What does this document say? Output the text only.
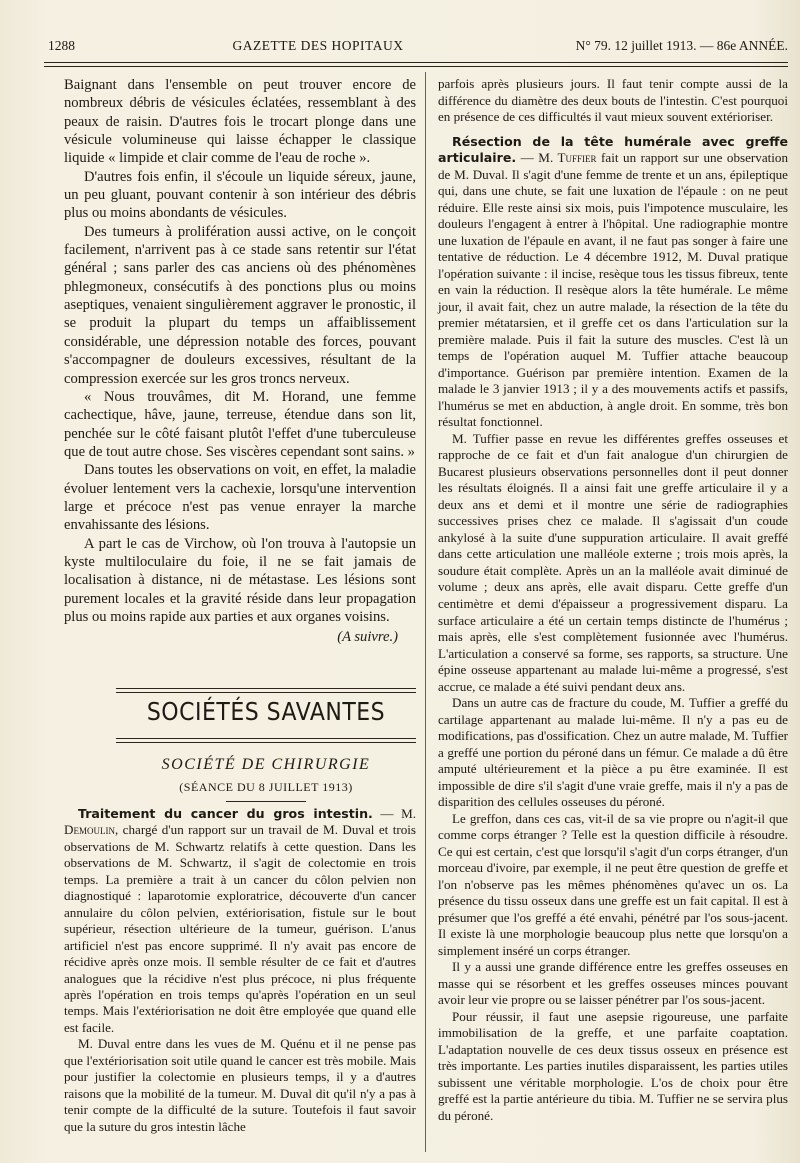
1288	GAZETTE DES HOPITAUX	N° 79. 12 juillet 1913. — 86e ANNÉE.

Baignant dans l'ensemble on peut trouver encore de nombreux débris de vésicules éclatées, ressemblant à des peaux de raisin. D'autres fois le trocart plonge dans une vésicule volumineuse qui laisse échapper le classique liquide « limpide et clair comme de l'eau de roche ».

D'autres fois enfin, il s'écoule un liquide séreux, jaune, un peu gluant, pouvant contenir à son intérieur des débris plus ou moins abondants de vésicules.

Des tumeurs à prolifération aussi active, on le conçoit facilement, n'arrivent pas à ce stade sans retentir sur l'état général ; sans parler des cas anciens où des phénomènes phlegmoneux, consécutifs à des ponctions plus ou moins aseptiques, venaient singulièrement aggraver le pronostic, il se produit la plupart du temps un affaiblissement considérable, une dépression notable des forces, pouvant s'accompagner de douleurs excessives, résultant de la compression exercée sur les gros troncs nerveux.

« Nous trouvâmes, dit M. Horand, une femme cachectique, hâve, jaune, terreuse, étendue dans son lit, penchée sur le côté faisant plutôt l'effet d'une tuberculeuse que de tout autre chose. Ses viscères cependant sont sains. »

Dans toutes les observations on voit, en effet, la maladie évoluer lentement vers la cachexie, lorsqu'une intervention large et précoce n'est pas venue enrayer la marche envahissante des lésions.

A part le cas de Virchow, où l'on trouva à l'autopsie un kyste multiloculaire du foie, il ne se fait jamais de localisation à distance, ni de métastase. Les lésions sont purement locales et la gravité réside dans leur propagation plus ou moins rapide aux parties et aux organes voisins.

(A suivre.)
SOCIÉTÉS SAVANTES
SOCIÉTÉ DE CHIRURGIE
(SÉANCE DU 8 JUILLET 1913)

Traitement du cancer du gros intestin. — M. Demoulin, chargé d'un rapport sur un travail de M. Duval et trois observations de M. Schwartz relatifs à cette question. Dans les observations de M. Schwartz, il s'agit de colectomie en trois temps. La première a trait à un cancer du côlon pelvien non diagnostiqué : laparotomie exploratrice, découverte d'un cancer annulaire du côlon pelvien, extériorisation, fistule sur le bout supérieur, résection ultérieure de la tumeur, guérison. L'anus artificiel n'est pas encore supprimé. Il n'y avait pas encore de récidive après onze mois. Il semble résulter de ce fait et d'autres analogues que la récidive n'est plus précoce, ni plus fréquente après l'opération en trois temps qu'après l'opération en un seul temps. Mais l'extériorisation ne doit être employée que quand elle est facile.

M. Duval entre dans les vues de M. Quénu et il ne pense pas que l'extériorisation soit utile quand le cancer est très mobile. Mais pour justifier la colectomie en plusieurs temps, il y a d'autres raisons que la mobilité de la tumeur. M. Duval dit qu'il n'y a pas à tenir compte de la difficulté de la suture. Toutefois il faut savoir que la suture du gros intestin lâche

parfois après plusieurs jours. Il faut tenir compte aussi de la différence du diamètre des deux bouts de l'intestin. C'est pourquoi en présence de ces difficultés il vaut mieux souvent extérioriser.

Résection de la tête humérale avec greffe articulaire. — M. Tuffier fait un rapport sur une observation de M. Duval. Il s'agit d'une femme de trente et un ans, épileptique qui, dans une chute, se fait une luxation de l'épaule : on ne peut réduire. Elle reste ainsi six mois, puis l'impotence musculaire, les douleurs l'engagent à entrer à l'hôpital. Une radiographie montre une luxation de l'épaule en avant, il ne faut pas songer à faire une tentative de réduction. Le 4 décembre 1912, M. Duval pratique l'opération suivante : il incise, resèque tous les tissus fibreux, tente en vain la réduction. Il resèque alors la tête humérale. Le même jour, il avait fait, chez un autre malade, la résection de la tête du premier métatarsien, et il greffe cet os dans l'articulation sur la première malade. Puis il fait la suture des muscles. C'est là un temps de l'opération auquel M. Tuffier attache beaucoup d'importance. Guérison par première intention. Examen de la malade le 3 janvier 1913 ; il y a des mouvements actifs et passifs, l'humérus se met en abduction, à angle droit. En somme, très bon résultat fonctionnel.

M. Tuffier passe en revue les différentes greffes osseuses et rapproche de ce fait et d'un fait analogue d'un chirurgien de Bucarest plusieurs observations personnelles dont il peut donner les résultats éloignés. Il a ainsi fait une greffe articulaire il y a deux ans et demi et il montre une série de radiographies successives prises chez ce malade. Il s'agissait d'un coude ankylosé à la suite d'une suppuration articulaire. Il avait greffé dans cette articulation une malléole externe ; trois mois après, la soudure était complète. Après un an la malléole avait diminué de volume ; deux ans après, elle avait disparu. Cette greffe d'un centimètre et demi d'épaisseur a progressivement disparu. La surface articulaire a été un certain temps distincte de l'humérus ; mais après, elle s'est complètement fusionnée avec l'humérus. L'articulation a conservé sa forme, ses rapports, sa structure. Une épine osseuse appartenant au malade lui-même a progressé, s'est accrue, ce malade a été suivi pendant deux ans.

Dans un autre cas de fracture du coude, M. Tuffier a greffé du cartilage appartenant au malade lui-même. Il n'y a pas eu de modifications, pas d'ossification. Chez un autre malade, M. Tuffier a greffé une portion du péroné dans un fémur. Ce malade a dû être amputé ultérieurement et la pièce a pu être examinée. Il est impossible de dire s'il s'agit d'une vraie greffe, mais il n'y a pas de disparition des cellules osseuses du péroné.

Le greffon, dans ces cas, vit-il de sa vie propre ou n'agit-il que comme corps étranger ? Telle est la question difficile à résoudre. Ce qui est certain, c'est que lorsqu'il s'agit d'un corps étranger, d'un morceau d'ivoire, par exemple, il ne peut être question de greffe et l'on n'observe pas les mêmes phénomènes qu'avec un os. La présence du tissu osseux dans une greffe est un fait capital. Il est à présumer que l'os greffé a été envahi, pénétré par l'os sous-jacent. Il existe là une morphologie beaucoup plus nette que lorsqu'on a simplement inséré un corps étranger.

Il y a aussi une grande différence entre les greffes osseuses en masse qui se résorbent et les greffes osseuses minces pouvant avoir leur vie propre ou se laisser pénétrer par l'os sous-jacent.

Pour réussir, il faut une asepsie rigoureuse, une parfaite immobilisation de la greffe, et une parfaite coaptation. L'adaptation nouvelle de ces deux tissus osseux en présence est très importante. Les parties inutiles disparaissent, les parties utiles subissent une véritable morphologie. L'os de choix pour être greffé est la partie antérieure du tibia. M. Tuffier ne se servira plus du péroné.
